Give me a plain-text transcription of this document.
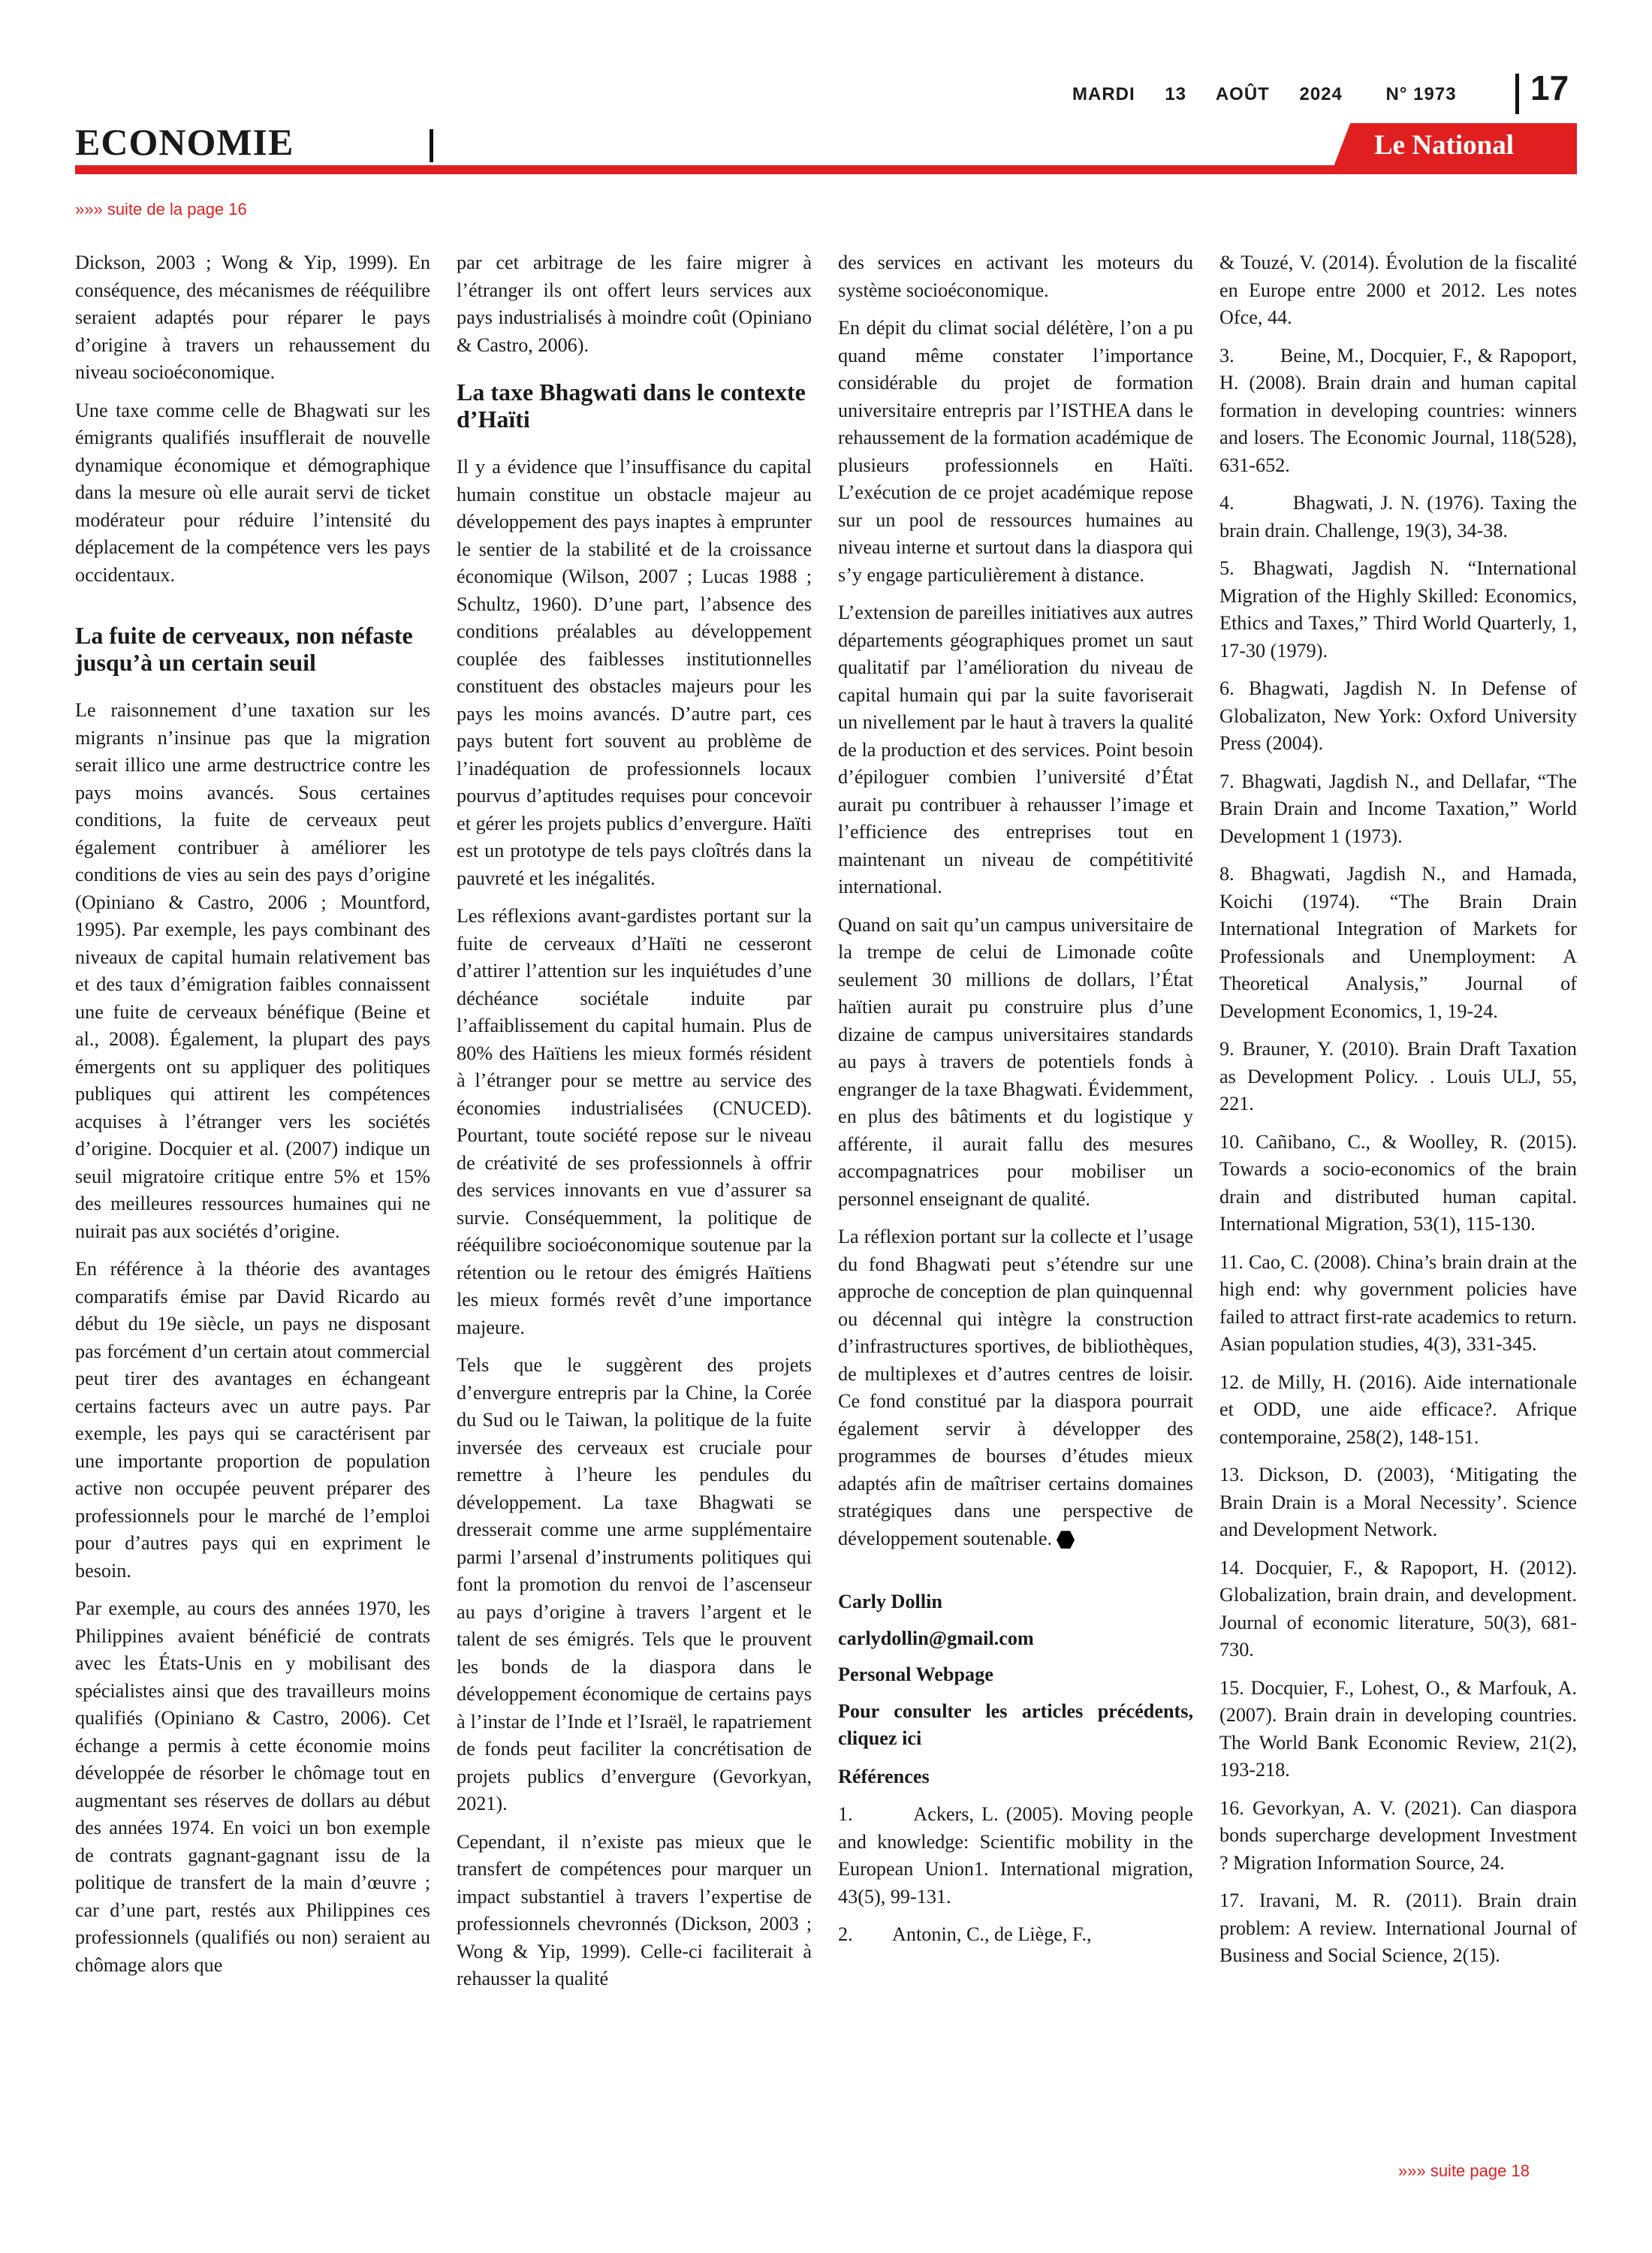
MARDI 13 AOÛT 2024 N° 1973	17
ECONOMIE	Le National
»»» suite de la page 16

Dickson, 2003 ; Wong & Yip, 1999). En conséquence, des mécanismes de rééquilibre seraient adaptés pour réparer le pays d’origine à travers un rehaussement du niveau socioéconomique.

Une taxe comme celle de Bhagwati sur les émigrants qualifiés insufflerait de nouvelle dynamique économique et démographique dans la mesure où elle aurait servi de ticket modérateur pour réduire l’intensité du déplacement de la compétence vers les pays occidentaux.

La fuite de cerveaux, non néfaste jusqu’à un certain seuil

Le raisonnement d’une taxation sur les migrants n’insinue pas que la migration serait illico une arme destructrice contre les pays moins avancés. Sous certaines conditions, la fuite de cerveaux peut également contribuer à améliorer les conditions de vies au sein des pays d’origine (Opiniano & Castro, 2006 ; Mountford, 1995). Par exemple, les pays combinant des niveaux de capital humain relativement bas et des taux d’émigration faibles connaissent une fuite de cerveaux bénéfique (Beine et al., 2008). Également, la plupart des pays émergents ont su appliquer des politiques publiques qui attirent les compétences acquises à l’étranger vers les sociétés d’origine. Docquier et al. (2007) indique un seuil migratoire critique entre 5% et 15% des meilleures ressources humaines qui ne nuirait pas aux sociétés d’origine.

En référence à la théorie des avantages comparatifs émise par David Ricardo au début du 19e siècle, un pays ne disposant pas forcément d’un certain atout commercial peut tirer des avantages en échangeant certains facteurs avec un autre pays. Par exemple, les pays qui se caractérisent par une importante proportion de population active non occupée peuvent préparer des professionnels pour le marché de l’emploi pour d’autres pays qui en expriment le besoin.

Par exemple, au cours des années 1970, les Philippines avaient bénéficié de contrats avec les États-Unis en y mobilisant des spécialistes ainsi que des travailleurs moins qualifiés (Opiniano & Castro, 2006). Cet échange a permis à cette économie moins développée de résorber le chômage tout en augmentant ses réserves de dollars au début des années 1974. En voici un bon exemple de contrats gagnant-gagnant issu de la politique de transfert de la main d’œuvre ; car d’une part, restés aux Philippines ces professionnels (qualifiés ou non) seraient au chômage alors que

par cet arbitrage de les faire migrer à l’étranger ils ont offert leurs services aux pays industrialisés à moindre coût (Opiniano & Castro, 2006).

La taxe Bhagwati dans le contexte d’Haïti

Il y a évidence que l’insuffisance du capital humain constitue un obstacle majeur au développement des pays inaptes à emprunter le sentier de la stabilité et de la croissance économique (Wilson, 2007 ; Lucas 1988 ; Schultz, 1960). D’une part, l’absence des conditions préalables au développement couplée des faiblesses institutionnelles constituent des obstacles majeurs pour les pays les moins avancés. D’autre part, ces pays butent fort souvent au problème de l’inadéquation de professionnels locaux pourvus d’aptitudes requises pour concevoir et gérer les projets publics d’envergure. Haïti est un prototype de tels pays cloîtrés dans la pauvreté et les inégalités.

Les réflexions avant-gardistes portant sur la fuite de cerveaux d’Haïti ne cesseront d’attirer l’attention sur les inquiétudes d’une déchéance sociétale induite par l’affaiblissement du capital humain. Plus de 80% des Haïtiens les mieux formés résident à l’étranger pour se mettre au service des économies industrialisées (CNUCED). Pourtant, toute société repose sur le niveau de créativité de ses professionnels à offrir des services innovants en vue d’assurer sa survie. Conséquemment, la politique de rééquilibre socioéconomique soutenue par la rétention ou le retour des émigrés Haïtiens les mieux formés revêt d’une importance majeure.

Tels que le suggèrent des projets d’envergure entrepris par la Chine, la Corée du Sud ou le Taiwan, la politique de la fuite inversée des cerveaux est cruciale pour remettre à l’heure les pendules du développement. La taxe Bhagwati se dresserait comme une arme supplémentaire parmi l’arsenal d’instruments politiques qui font la promotion du renvoi de l’ascenseur au pays d’origine à travers l’argent et le talent de ses émigrés. Tels que le prouvent les bonds de la diaspora dans le développement économique de certains pays à l’instar de l’Inde et l’Israël, le rapatriement de fonds peut faciliter la concrétisation de projets publics d’envergure (Gevorkyan, 2021).

Cependant, il n’existe pas mieux que le transfert de compétences pour marquer un impact substantiel à travers l’expertise de professionnels chevronnés (Dickson, 2003 ; Wong & Yip, 1999). Celle-ci faciliterait à rehausser la qualité

des services en activant les moteurs du système socioéconomique.

En dépit du climat social délétère, l’on a pu quand même constater l’importance considérable du projet de formation universitaire entrepris par l’ISTHEA dans le rehaussement de la formation académique de plusieurs professionnels en Haïti. L’exécution de ce projet académique repose sur un pool de ressources humaines au niveau interne et surtout dans la diaspora qui s’y engage particulièrement à distance.

L’extension de pareilles initiatives aux autres départements géographiques promet un saut qualitatif par l’amélioration du niveau de capital humain qui par la suite favoriserait un nivellement par le haut à travers la qualité de la production et des services. Point besoin d’épiloguer combien l’université d’État aurait pu contribuer à rehausser l’image et l’efficience des entreprises tout en maintenant un niveau de compétitivité international.

Quand on sait qu’un campus universitaire de la trempe de celui de Limonade coûte seulement 30 millions de dollars, l’État haïtien aurait pu construire plus d’une dizaine de campus universitaires standards au pays à travers de potentiels fonds à engranger de la taxe Bhagwati. Évidemment, en plus des bâtiments et du logistique y afférente, il aurait fallu des mesures accompagnatrices pour mobiliser un personnel enseignant de qualité.

La réflexion portant sur la collecte et l’usage du fond Bhagwati peut s’étendre sur une approche de conception de plan quinquennal ou décennal qui intègre la construction d’infrastructures sportives, de bibliothèques, de multiplexes et d’autres centres de loisir. Ce fond constitué par la diaspora pourrait également servir à développer des programmes de bourses d’études mieux adaptés afin de maîtriser certains domaines stratégiques dans une perspective de développement soutenable.

Carly Dollin
carlydollin@gmail.com
Personal Webpage

Pour consulter les articles précédents, cliquez ici

Références

1.        Ackers, L. (2005). Moving people and knowledge: Scientific mobility in the European Union1. International migration, 43(5), 99-131.

2.        Antonin, C., de Liège, F.,

& Touzé, V. (2014). Évolution de la fiscalité en Europe entre 2000 et 2012. Les notes Ofce, 44.

3.        Beine, M., Docquier, F., & Rapoport, H. (2008). Brain drain and human capital formation in developing countries: winners and losers. The Economic Journal, 118(528), 631-652.

4.        Bhagwati, J. N. (1976). Taxing the brain drain. Challenge, 19(3), 34-38.

5. Bhagwati, Jagdish N. “International Migration of the Highly Skilled: Economics, Ethics and Taxes,” Third World Quarterly, 1, 17-30 (1979).

6. Bhagwati, Jagdish N. In Defense of Globalizaton, New York: Oxford University Press (2004).

7. Bhagwati, Jagdish N., and Dellafar, “The Brain Drain and Income Taxation,” World Development 1 (1973).

8. Bhagwati, Jagdish N., and Hamada, Koichi (1974). “The Brain Drain International Integration of Markets for Professionals and Unemployment: A Theoretical Analysis,” Journal of Development Economics, 1, 19-24.

9. Brauner, Y. (2010). Brain Draft Taxation as Development Policy. . Louis ULJ, 55, 221.

10. Cañibano, C., & Woolley, R. (2015). Towards a socio-economics of the brain drain and distributed human capital. International Migration, 53(1), 115-130.

11. Cao, C. (2008). China’s brain drain at the high end: why government policies have failed to attract first-rate academics to return. Asian population studies, 4(3), 331-345.

12. de Milly, H. (2016). Aide internationale et ODD, une aide efficace?. Afrique contemporaine, 258(2), 148-151.

13. Dickson, D. (2003), ‘Mitigating the Brain Drain is a Moral Necessity’. Science and Development Network.

14. Docquier, F., & Rapoport, H. (2012). Globalization, brain drain, and development. Journal of economic literature, 50(3), 681-730.

15. Docquier, F., Lohest, O., & Marfouk, A. (2007). Brain drain in developing countries. The World Bank Economic Review, 21(2), 193-218.

16. Gevorkyan, A. V. (2021). Can diaspora bonds supercharge development Investment ? Migration Information Source, 24.

17. Iravani, M. R. (2011). Brain drain problem: A review. International Journal of Business and Social Science, 2(15).

»»» suite page 18
